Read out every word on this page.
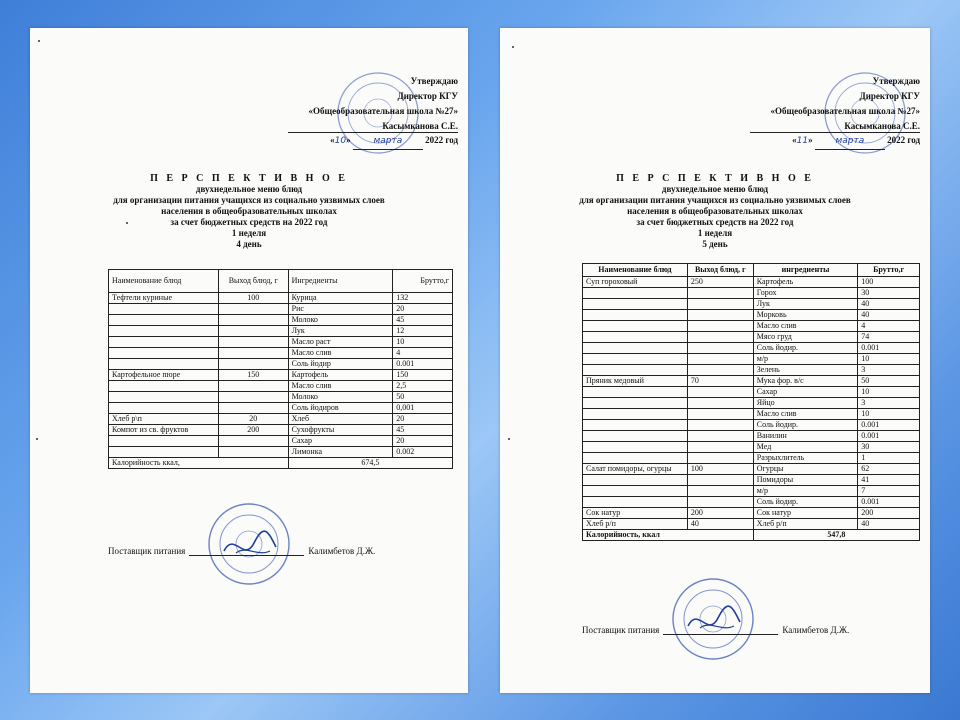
Утверждаю
Директор КГУ
«Общеобразовательная школа №27»
Касымканова С.Е.
«10»	марта	2022 год
П Е Р С П Е К Т И В Н О Е
двухнедельное меню блюд
для организации питания учащихся из социально уязвимых слоев
населения в общеобразовательных школах
за счет бюджетных средств на 2022 год
1 неделя
4 день
Наименование блюд	Выход блюд, г	Ингредиенты	Брутто,г
Тефтели куриные	100	Курица	132
		Рис	20
		Молоко	45
		Лук	12
		Масло раст	10
		Масло слив	4
		Соль йодир	0.001
Картофельное пюре	150	Картофель	150
		Масло слив	2,5
		Молоко	50
		Соль йодиров	0,001
Хлеб р\п	20	Хлеб	20
Компот из св. фруктов	200	Сухофрукты	45
		Сахар	20
		Лимонка	0.002
Калорийность ккал,		674,5	
Поставщик питания	Калимбетов Д.Ж.
Утверждаю
Директор КГУ
«Общеобразовательная школа №27»
Касымканова С.Е.
«11»	марта	2022 год
П Е Р С П Е К Т И В Н О Е
двухнедельное меню блюд
для организации питания учащихся из социально уязвимых слоев
населения в общеобразовательных школах
за счет бюджетных средств на 2022 год
1 неделя
5 день
Наименование блюд	Выход блюд, г	ингредиенты	Брутто,г
Суп гороховый	250	Картофель	100
		Горох	30
		Лук	40
		Морковь	40
		Масло слив	4
		Мясо груд	74
		Соль йодир.	0.001
		м/р	10
		Зелень	3
Пряник медовый	70	Мука фор. в/с	50
		Сахар	10
		Яйцо	3
		Масло слив	10
		Соль йодир.	0.001
		Ванилин	0.001
		Мед	30
		Разрыхлитель	1
Салат помидоры, огурцы	100	Огурцы	62
		Помидоры	41
		м/р	7
		Соль йодир.	0.001
Сок натур	200	Сок натур	200
Хлеб р/п	40	Хлеб р/п	40
Калорийность, ккал		547,8	
Поставщик питания	Калимбетов Д.Ж.
